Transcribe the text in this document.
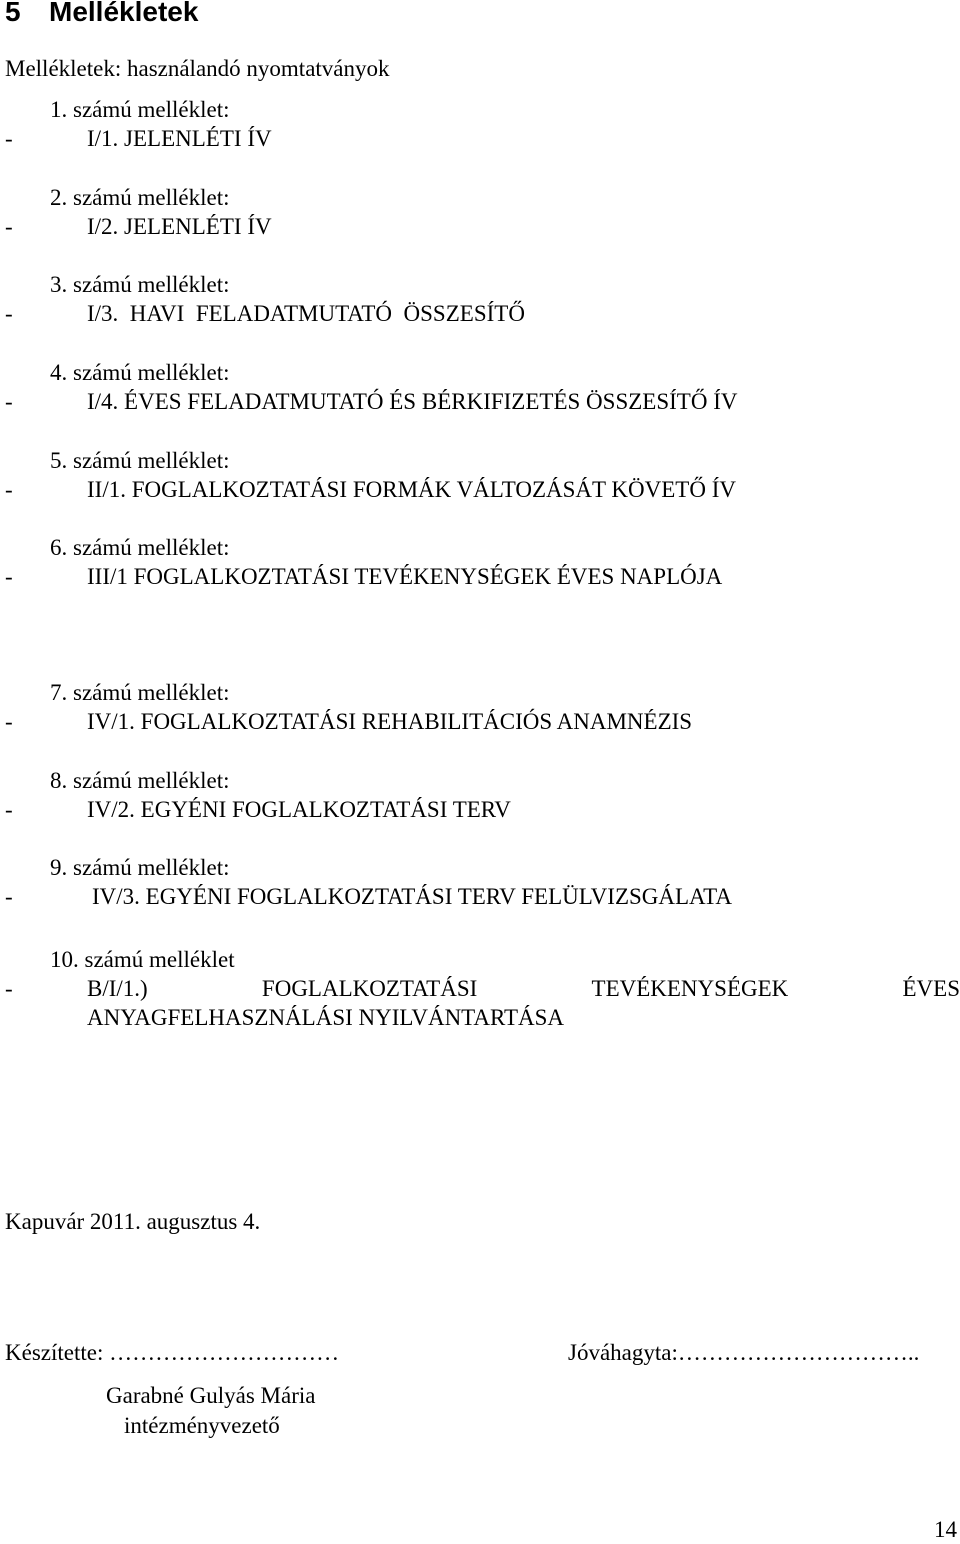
5 Mellékletek
Mellékletek: használandó nyomtatványok
1. számú melléklet:
-	I/1. JELENLÉTI ÍV
2. számú melléklet:
-	I/2. JELENLÉTI ÍV
3. számú melléklet:
-	I/3.  HAVI  FELADATMUTATÓ  ÖSSZESÍTŐ
4. számú melléklet:
-	I/4. ÉVES FELADATMUTATÓ ÉS BÉRKIFIZETÉS ÖSSZESÍTŐ ÍV
5. számú melléklet:
-	II/1. FOGLALKOZTATÁSI FORMÁK VÁLTOZÁSÁT KÖVETŐ ÍV
6. számú melléklet:
-	III/1 FOGLALKOZTATÁSI TEVÉKENYSÉGEK ÉVES NAPLÓJA
7. számú melléklet:
-	IV/1. FOGLALKOZTATÁSI REHABILITÁCIÓS ANAMNÉZIS
8. számú melléklet:
-	IV/2. EGYÉNI FOGLALKOZTATÁSI TERV
9. számú melléklet:
-	IV/3. EGYÉNI FOGLALKOZTATÁSI TERV FELÜLVIZSGÁLATA
10. számú melléklet
-	B/I/1.)	FOGLALKOZTATÁSI	TEVÉKENYSÉGEK	ÉVES
ANYAGFELHASZNÁLÁSI NYILVÁNTARTÁSA
Kapuvár 2011. augusztus 4.
Készítette: …………………………	Jóváhagyta:…………………………..
Garabné Gulyás Mária
intézményvezető
14
